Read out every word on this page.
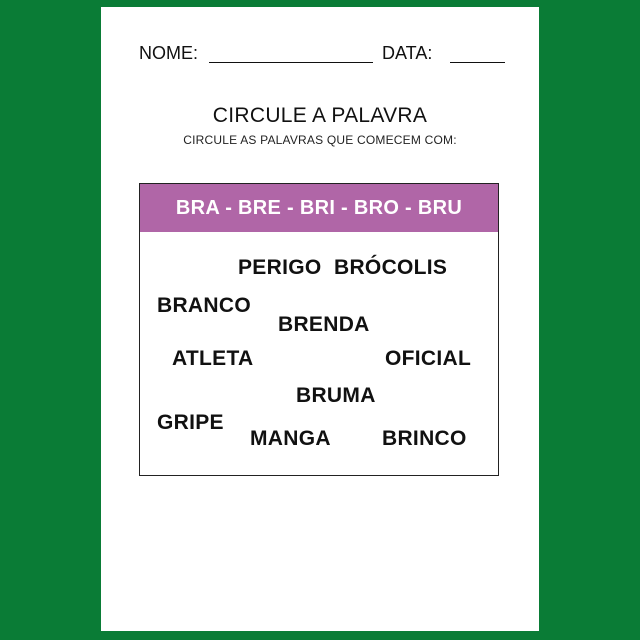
NOME:	DATA:
CIRCULE A PALAVRA
CIRCULE AS PALAVRAS QUE COMECEM COM:
BRA - BRE - BRI - BRO - BRU
PERIGO BRÓCOLIS
BRANCO
BRENDA
ATLETA	OFICIAL
BRUMA
GRIPE
MANGA BRINCO
